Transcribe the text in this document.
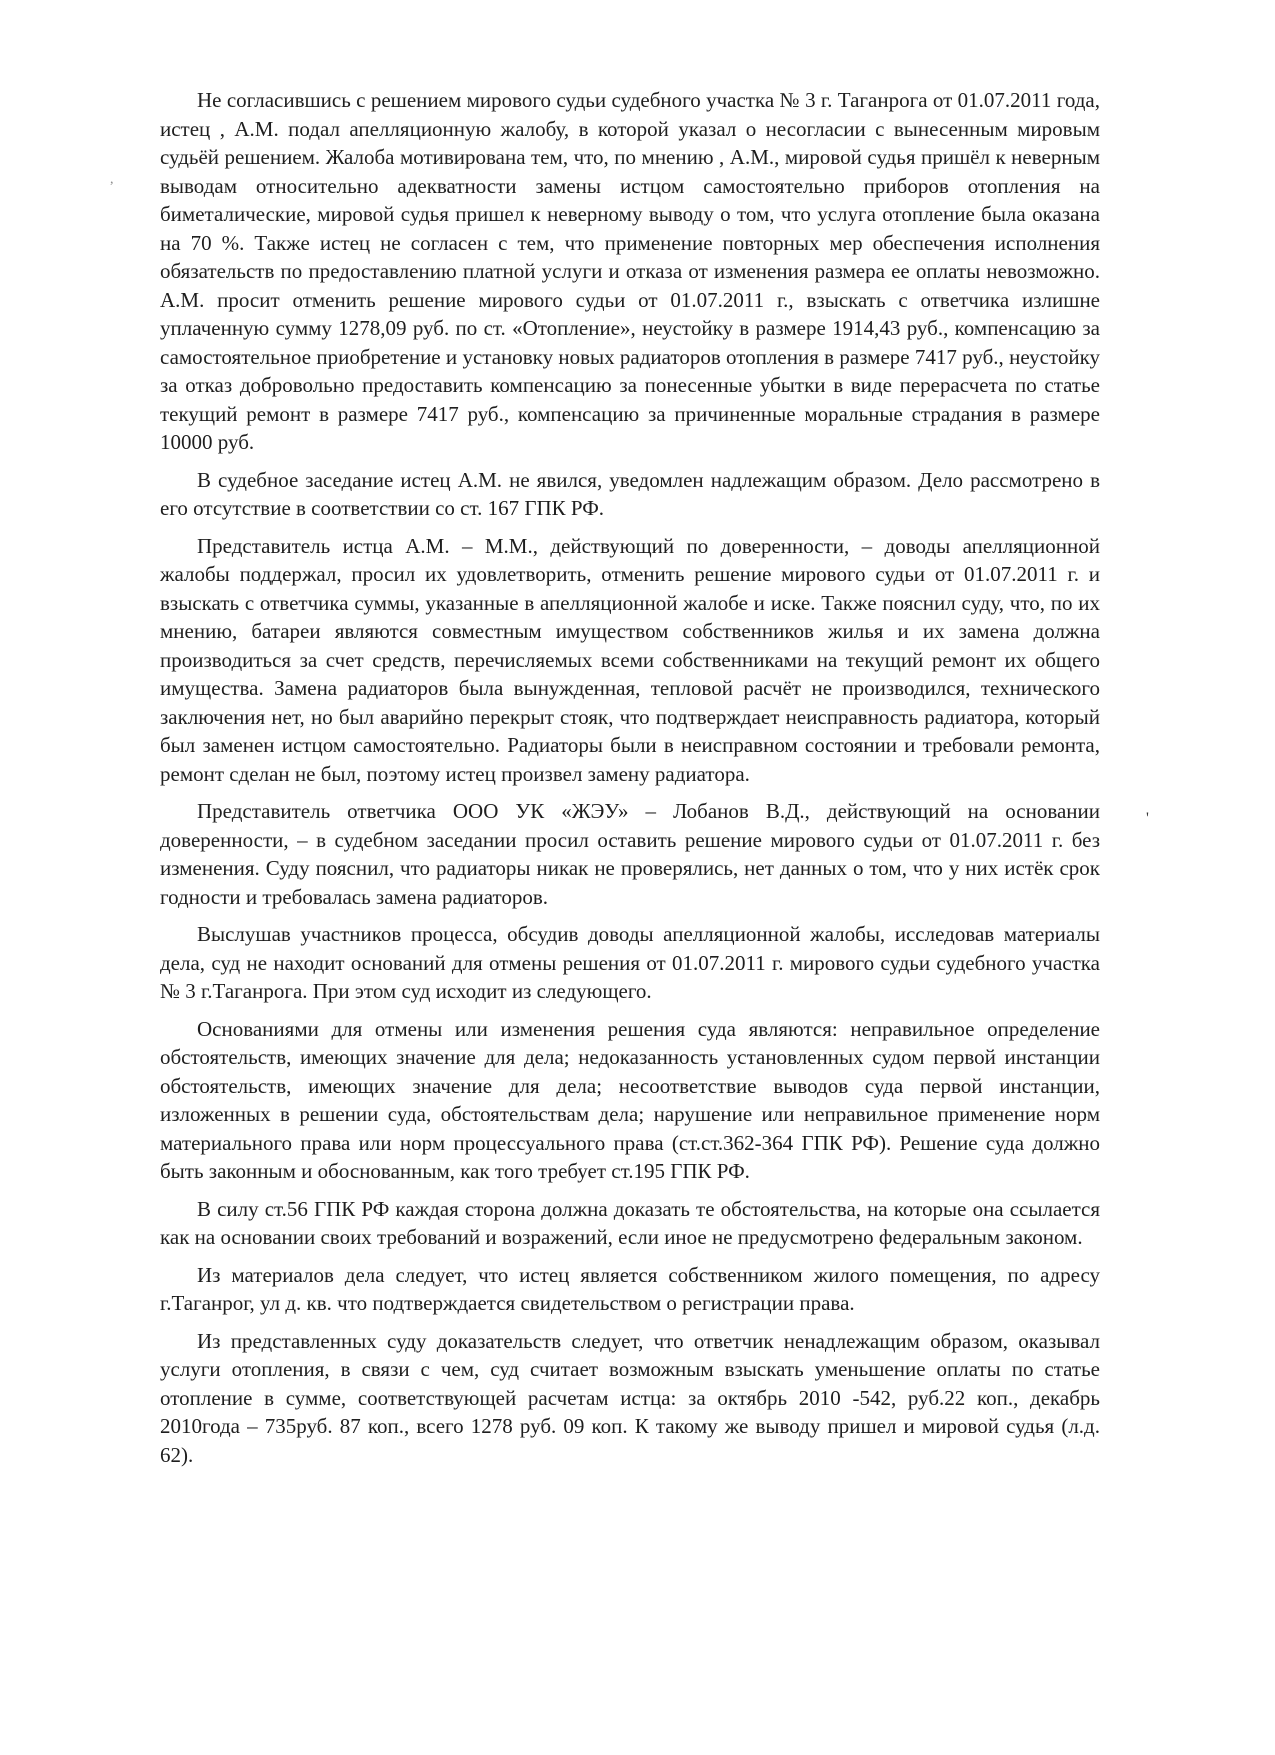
,
'

Не согласившись с решением мирового судьи судебного участка № 3 г. Таганрога от 01.07.2011 года, истец , А.М. подал апелляционную жалобу, в которой указал о несогласии с вынесенным мировым судьёй решением. Жалоба мотивирована тем, что, по мнению , А.М., мировой судья пришёл к неверным выводам относительно адекватности замены истцом самостоятельно приборов отопления на биметалические, мировой судья пришел к неверному выводу о том, что услуга отопление была оказана на 70 %. Также истец не согласен с тем, что применение повторных мер обеспечения исполнения обязательств по предоставлению платной услуги и отказа от изменения размера ее оплаты невозможно. А.М. просит отменить решение мирового судьи от 01.07.2011 г., взыскать с ответчика излишне уплаченную сумму 1278,09 руб. по ст. «Отопление», неустойку в размере 1914,43 руб., компенсацию за самостоятельное приобретение и установку новых радиаторов отопления в размере 7417 руб., неустойку за отказ добровольно предоставить компенсацию за понесенные убытки в виде перерасчета по статье текущий ремонт в размере 7417 руб., компенсацию за причиненные моральные страдания в размере 10000 руб.

В судебное заседание истец А.М. не явился, уведомлен надлежащим образом. Дело рассмотрено в его отсутствие в соответствии со ст. 167 ГПК РФ.

Представитель истца А.М. – М.М., действующий по доверенности, – доводы апелляционной жалобы поддержал, просил их удовлетворить, отменить решение мирового судьи от 01.07.2011 г. и взыскать с ответчика суммы, указанные в апелляционной жалобе и иске. Также пояснил суду, что, по их мнению, батареи являются совместным имуществом собственников жилья и их замена должна производиться за счет средств, перечисляемых всеми собственниками на текущий ремонт их общего имущества. Замена радиаторов была вынужденная, тепловой расчёт не производился, технического заключения нет, но был аварийно перекрыт стояк, что подтверждает неисправность радиатора, который был заменен истцом самостоятельно. Радиаторы были в неисправном состоянии и требовали ремонта, ремонт сделан не был, поэтому истец произвел замену радиатора.

Представитель ответчика ООО УК «ЖЭУ» – Лобанов В.Д., действующий на основании доверенности, – в судебном заседании просил оставить решение мирового судьи от 01.07.2011 г. без изменения. Суду пояснил, что радиаторы никак не проверялись, нет данных о том, что у них истёк срок годности и требовалась замена радиаторов.

Выслушав участников процесса, обсудив доводы апелляционной жалобы, исследовав материалы дела, суд не находит оснований для отмены решения от 01.07.2011 г. мирового судьи судебного участка № 3 г.Таганрога. При этом суд исходит из следующего.

Основаниями для отмены или изменения решения суда являются: неправильное определение обстоятельств, имеющих значение для дела; недоказанность установленных судом первой инстанции обстоятельств, имеющих значение для дела; несоответствие выводов суда первой инстанции, изложенных в решении суда, обстоятельствам дела; нарушение или неправильное применение норм материального права или норм процессуального права (ст.ст.362-364 ГПК РФ). Решение суда должно быть законным и обоснованным, как того требует ст.195 ГПК РФ.

В силу ст.56 ГПК РФ каждая сторона должна доказать те обстоятельства, на которые она ссылается как на основании своих требований и возражений, если иное не предусмотрено федеральным законом.

Из материалов дела следует, что истец является собственником жилого помещения, по адресу г.Таганрог, ул д. кв. что подтверждается свидетельством о регистрации права.

Из представленных суду доказательств следует, что ответчик ненадлежащим образом, оказывал услуги отопления, в связи с чем, суд считает возможным взыскать уменьшение оплаты по статье отопление в сумме, соответствующей расчетам истца: за октябрь 2010 -542, руб.22 коп., декабрь 2010года – 735руб. 87 коп., всего 1278 руб. 09 коп. К такому же выводу пришел и мировой судья (л.д. 62).
